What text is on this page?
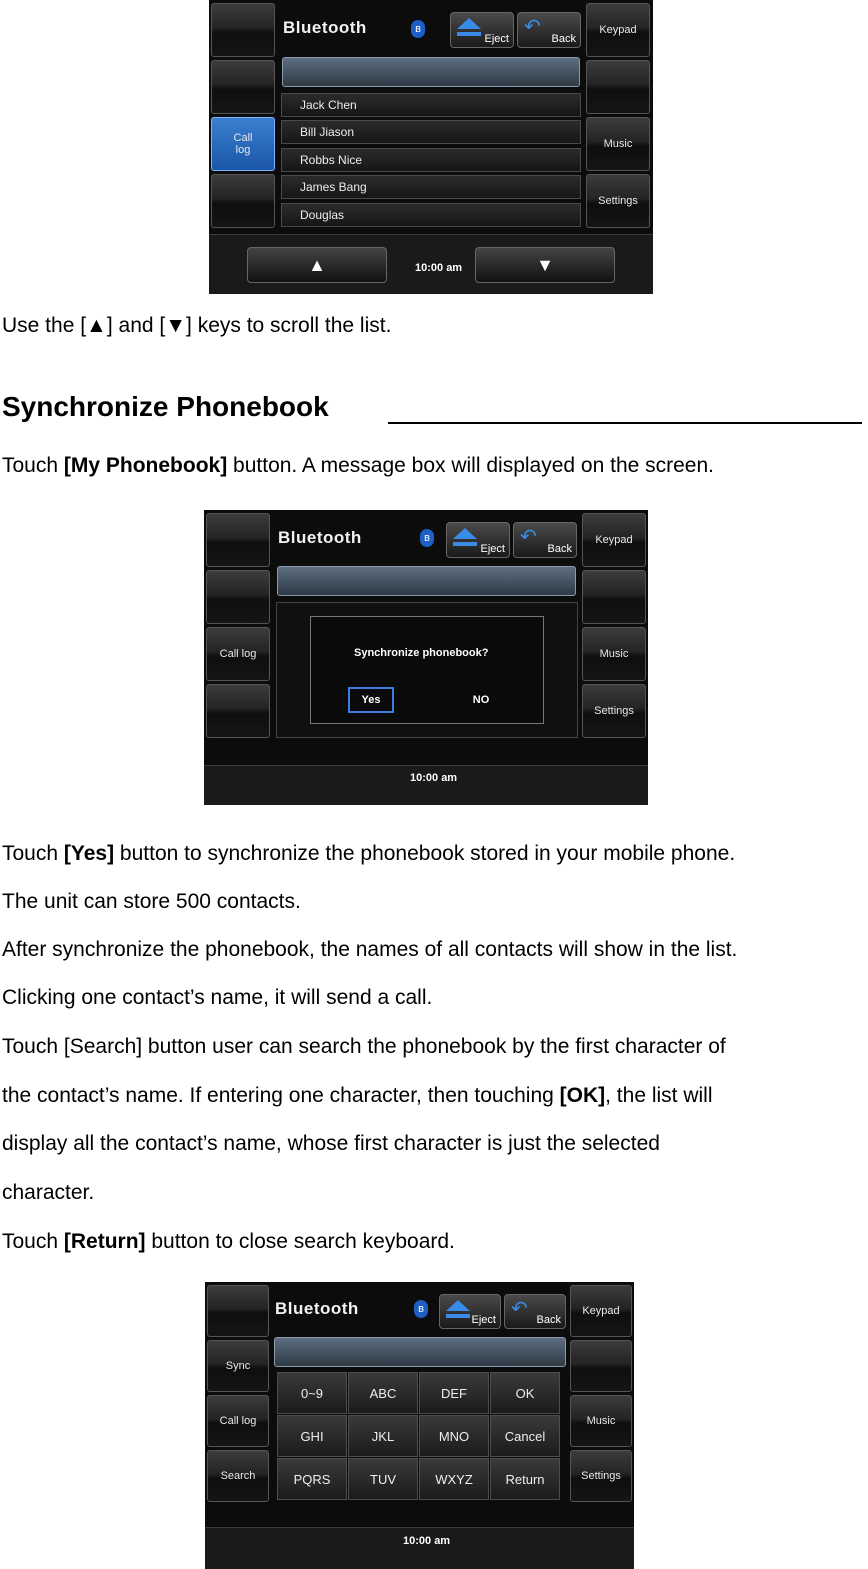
Call log
Bluetooth	ʙ
Eject
↶
Back
Keypad
Music
Settings
Jack Chen
Bill Jiason
Robbs Nice
James Bang
Douglas
▲	10:00 am	▼
Use the [▲] and [▼] keys to scroll the list.
Synchronize Phonebook
Touch [My Phonebook] button. A message box will displayed on the screen.
Call log
Bluetooth	ʙ
Eject
↶
Back
Keypad
Music
Settings
Synchronize phonebook?
Yes	NO
10:00 am
Touch [Yes] button to synchronize the phonebook stored in your mobile phone.
The unit can store 500 contacts.
After synchronize the phonebook, the names of all contacts will show in the list.
Clicking one contact’s name, it will send a call.
Touch [Search] button user can search the phonebook by the first character of
the contact’s name. If entering one character, then touching [OK], the list will
display all the contact’s name, whose first character is just the selected
character.
Touch [Return] button to close search keyboard.
Sync
Call log
Search
Bluetooth	ʙ
Eject ↶ Back
Keypad
Music
Settings
0~9	ABC	DEF	OK
GHI	JKL	MNO	Cancel
PQRS	TUV	WXYZ	Return
10:00 am
